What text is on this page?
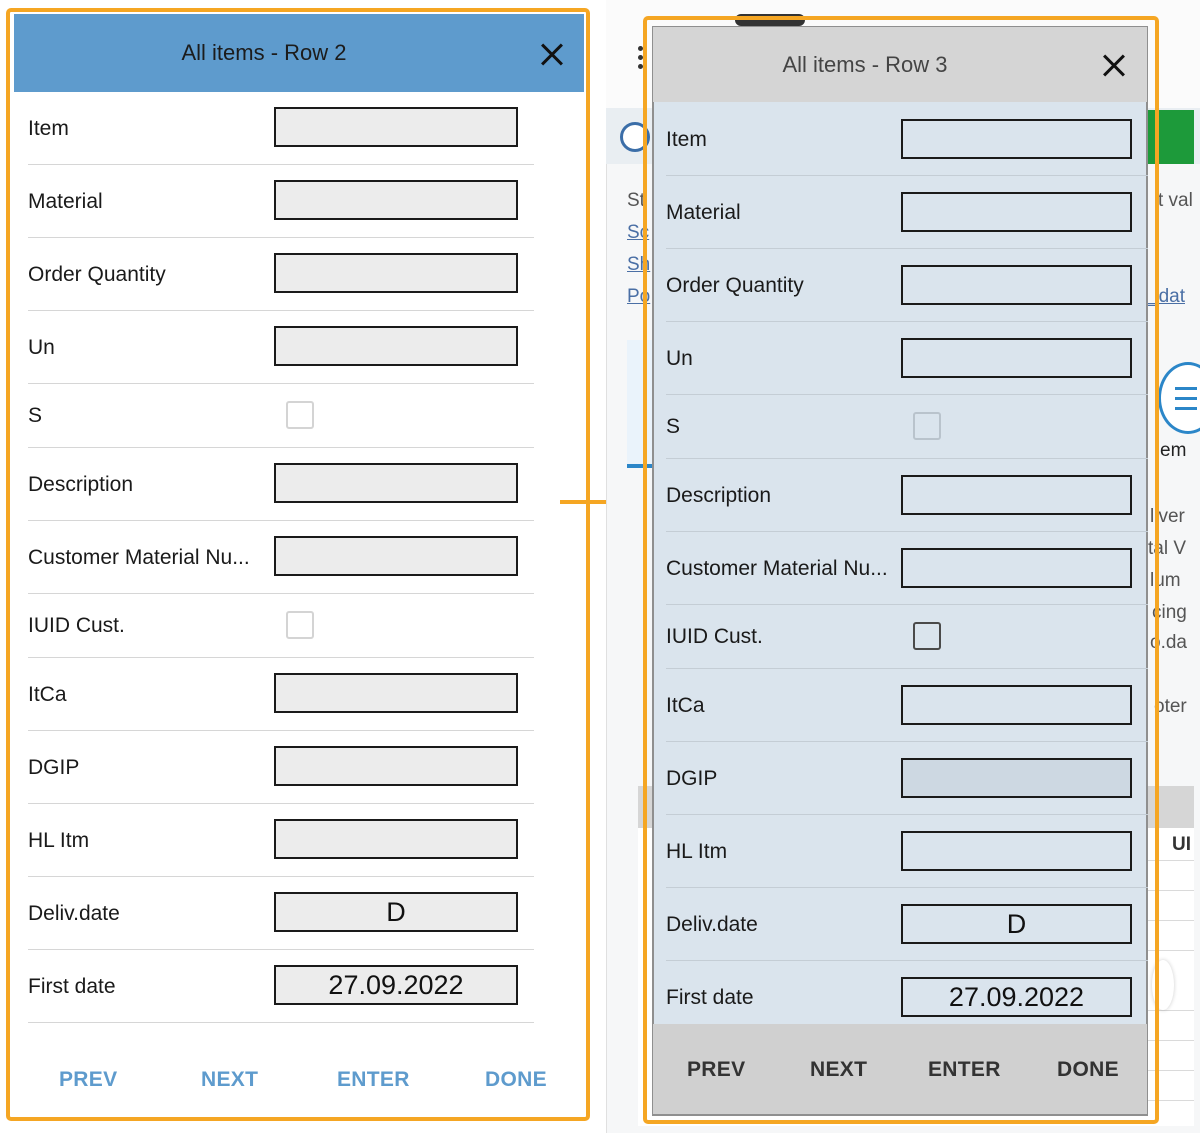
All items - Row 2
Item
Material
Order Quantity
Un
S
Description
Customer Material Nu...
IUID Cust.
ItCa
DGIP
HL Itm
Deliv.date	D
First date	27.09.2022
PREV	NEXT	ENTER	DONE
St
Sc
Sh
Po
t val
_dat
em
liver
tal V
lum
cing
o.da
oter
UI
All items - Row 3
Item
Material
Order Quantity
Un
S
Description
Customer Material Nu...
IUID Cust.
ItCa
DGIP
HL Itm
Deliv.date	D
First date	27.09.2022
PREV	NEXT	ENTER	DONE
